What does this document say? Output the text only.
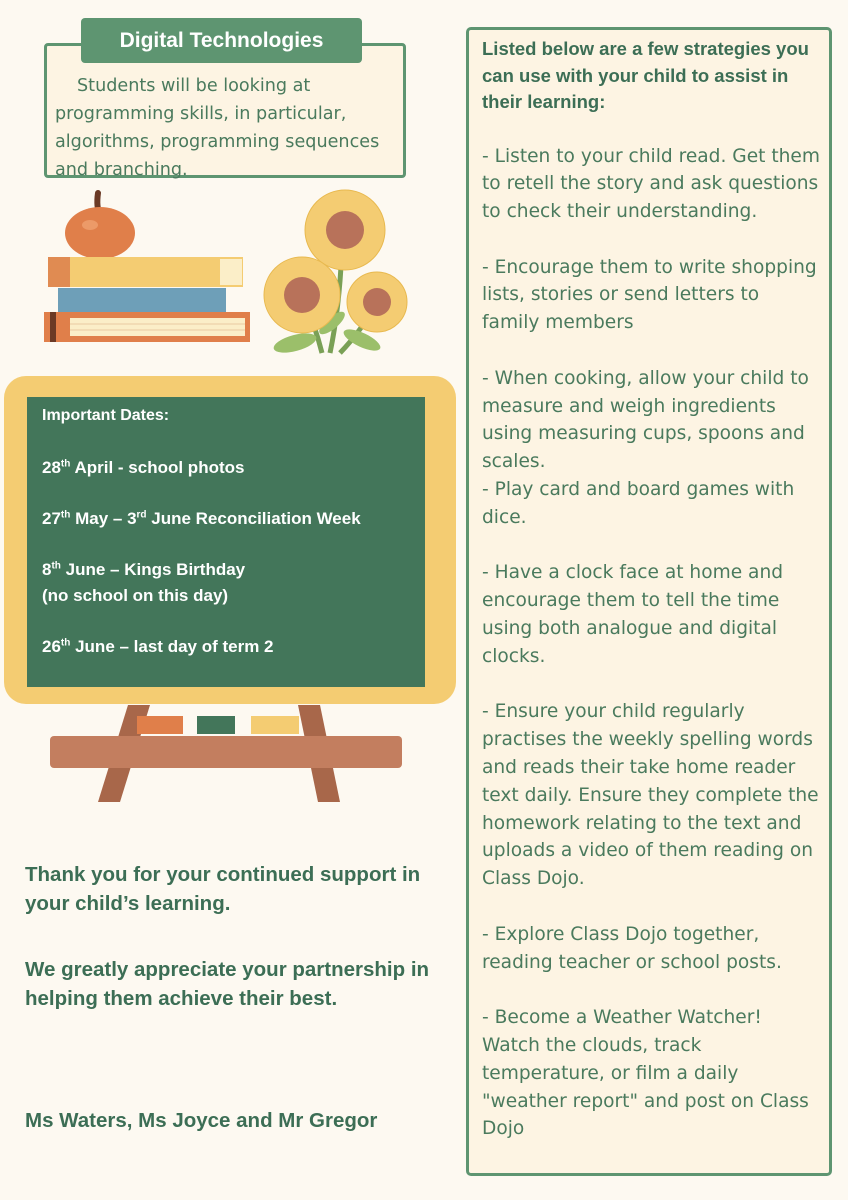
Students will be looking at programming skills, in particular, algorithms, programming sequences and branching.

Digital Technologies

Important Dates:

28th April - school photos

27th May – 3rd June Reconciliation Week

8th June – Kings Birthday
(no school on this day)

26th June – last day of term 2

Thank you for your continued support in your child’s learning.

We greatly appreciate your partnership in helping them achieve their best.

Ms Waters, Ms Joyce and Mr Gregor

Listed below are a few strategies you can use with your child to assist in their learning:

- Listen to your child read. Get them to retell the story and ask questions to check their understanding.

- Encourage them to write shopping lists, stories or send letters to family members

- When cooking, allow your child to measure and weigh ingredients using measuring cups, spoons and scales.

- Play card and board games with dice.

- Have a clock face at home and encourage them to tell the time using both analogue and digital clocks.

- Ensure your child regularly practises the weekly spelling words and reads their take home reader text daily. Ensure they complete the homework relating to the text and uploads a video of them reading on Class Dojo.

- Explore Class Dojo together, reading teacher or school posts.

- Become a Weather Watcher! Watch the clouds, track temperature, or film a daily "weather report" and post on Class Dojo
